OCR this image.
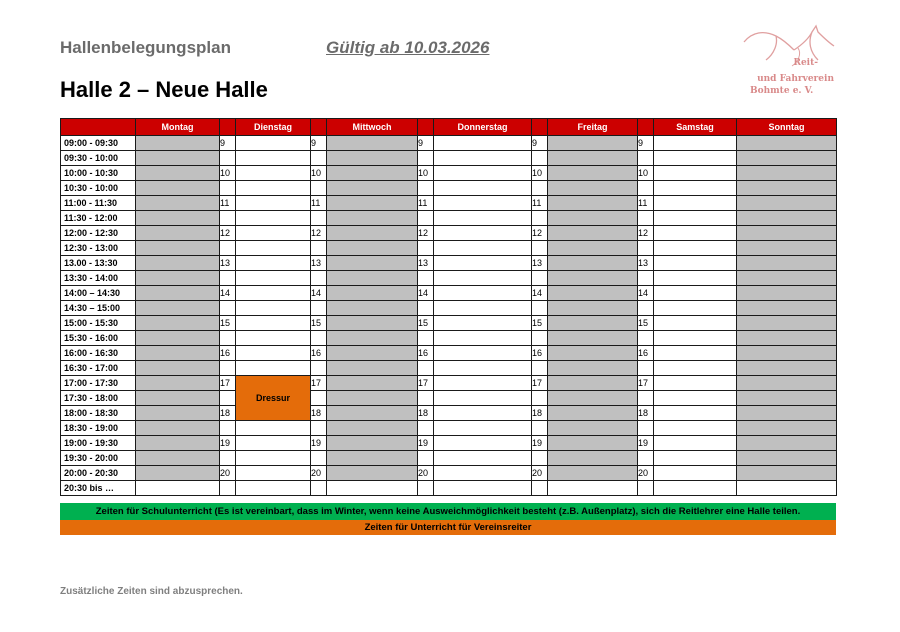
Hallenbelegungsplan	Gültig ab 10.03.2026
Halle 2 – Neue Halle
Reit-
und Fahrverein
Bohmte e. V.
	Montag		Dienstag		Mittwoch		Donnerstag		Freitag		Samstag	Sonntag
09:00 - 09:30		9		9		9		9		9		
09:30 - 10:00												
10:00 - 10:30		10		10		10		10		10		
10:30 - 10:00												
11:00 - 11:30		11		11		11		11		11		
11:30 - 12:00												
12:00 - 12:30		12		12		12		12		12		
12:30 - 13:00												
13.00 - 13:30		13		13		13		13		13		
13:30 - 14:00												
14:00 – 14:30		14		14		14		14		14		
14:30 – 15:00												
15:00 - 15:30		15		15		15		15		15		
15:30 - 16:00												
16:00 - 16:30		16		16		16		16		16		
16:30 - 17:00												
17:00 - 17:30		17	Dressur	17		17		17		17		
17:30 - 18:00												
18:00 - 18:30		18		18		18		18		18		
18:30 - 19:00												
19:00 - 19:30		19		19		19		19		19		
19:30 - 20:00												
20:00 - 20:30		20		20		20		20		20		
20:30 bis …												
Zeiten für Schulunterricht (Es ist vereinbart, dass im Winter, wenn keine Ausweichmöglichkeit besteht (z.B. Außenplatz), sich die Reitlehrer eine Halle teilen.
Zeiten für Unterricht für Vereinsreiter
Zusätzliche Zeiten sind abzusprechen.
